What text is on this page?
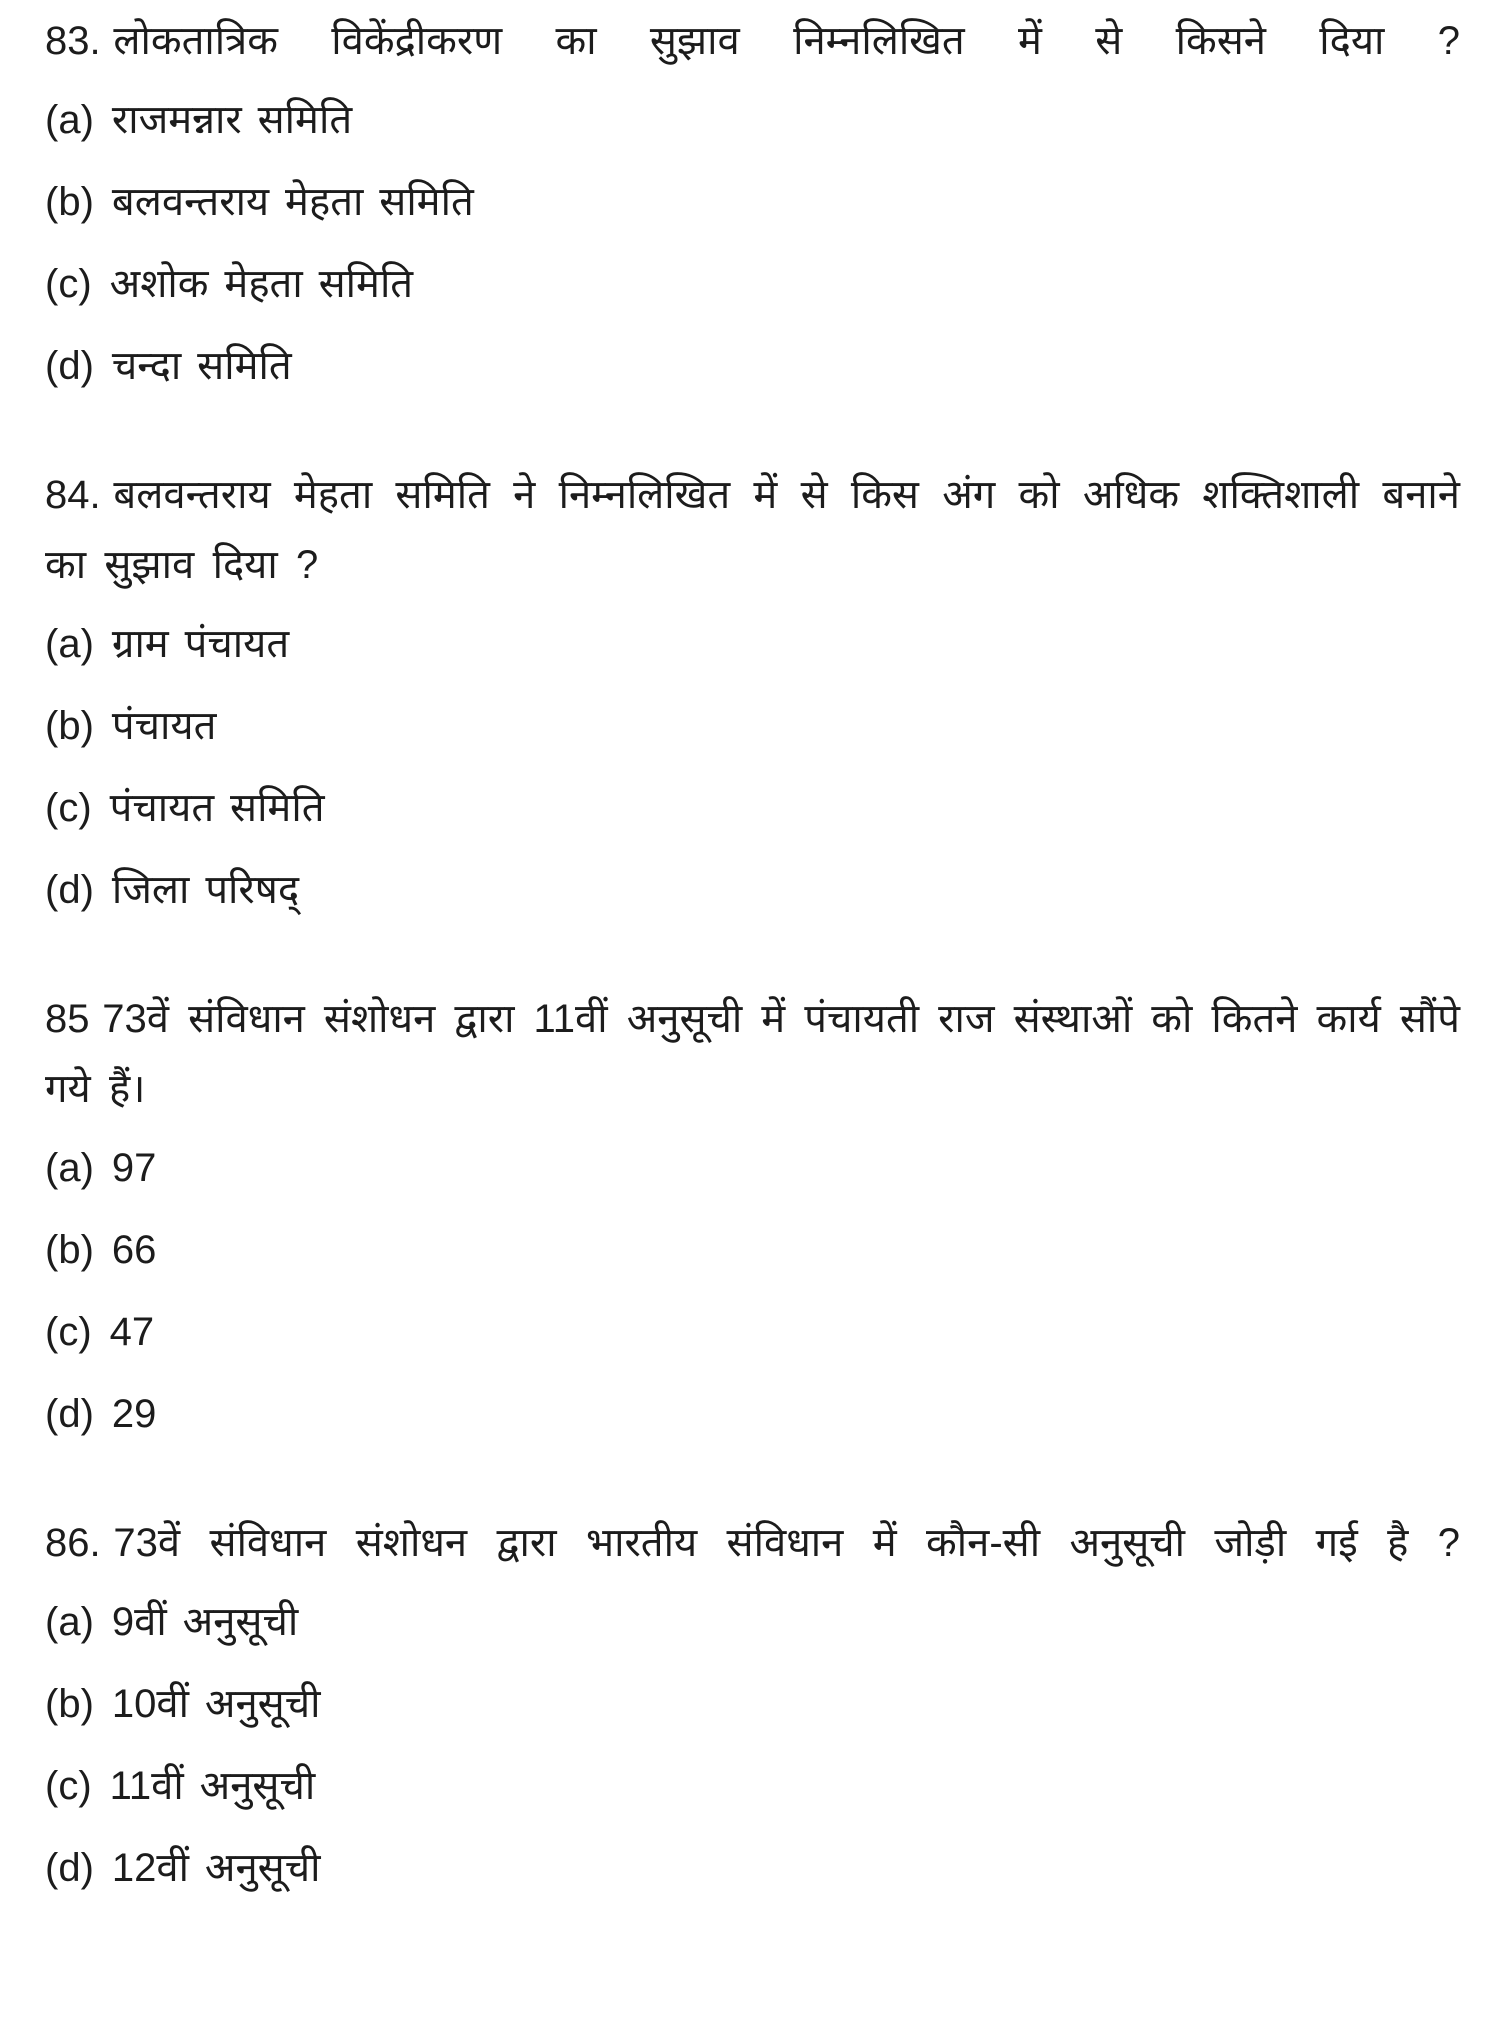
83. लोकतात्रिक विकेंद्रीकरण का सुझाव निम्नलिखित में से किसने दिया ?

(a) राजमन्नार समिति

(b) बलवन्तराय मेहता समिति

(c) अशोक मेहता समिति

(d) चन्दा समिति

84. बलवन्तराय मेहता समिति ने निम्नलिखित में से किस अंग को अधिक शक्तिशाली बनाने का सुझाव दिया ?

(a) ग्राम पंचायत

(b) पंचायत

(c) पंचायत समिति

(d) जिला परिषद्

85 73वें संविधान संशोधन द्वारा 11वीं अनुसूची में पंचायती राज संस्थाओं को कितने कार्य सौंपे गये हैं।

(a) 97

(b) 66

(c) 47

(d) 29

86. 73वें संविधान संशोधन द्वारा भारतीय संविधान में कौन-सी अनुसूची जोड़ी गई है ?

(a) 9वीं अनुसूची

(b) 10वीं अनुसूची

(c) 11वीं अनुसूची

(d) 12वीं अनुसूची
